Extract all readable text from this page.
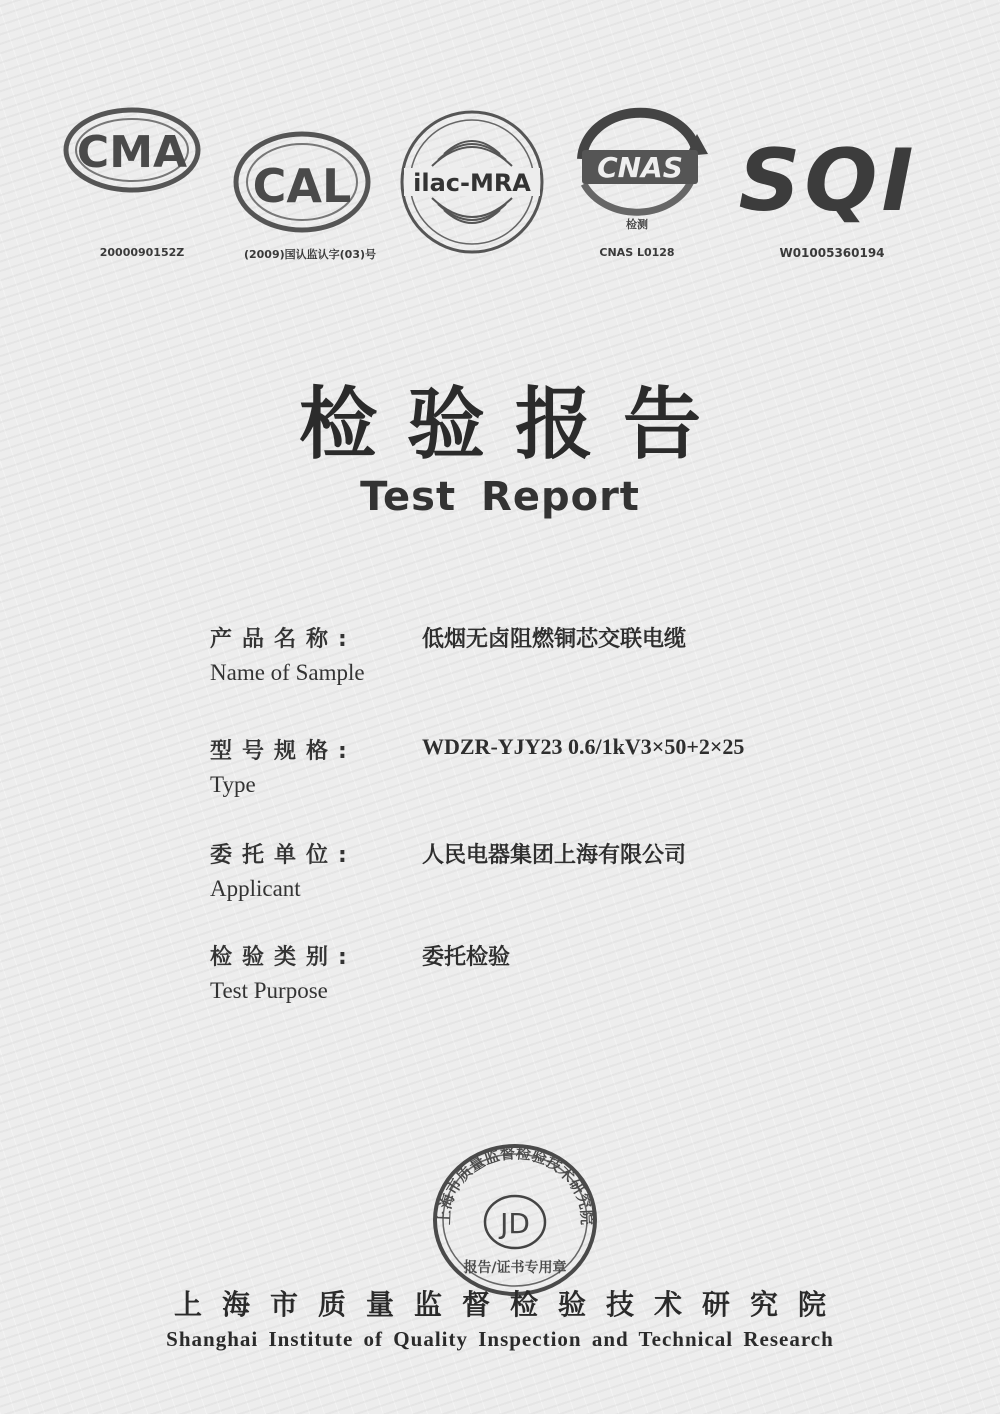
CMA
2000090152Z
CAL
(2009)国认监认字(03)号
ilac-MRA CNAS
检测
CNAS L0128
SQI
W01005360194
检验报告
Test Report
产品名称:
Name of Sample
低烟无卤阻燃铜芯交联电缆
型号规格:
Type
WDZR-YJY23 0.6/1kV3×50+2×25
委托单位:
Applicant
人民电器集团上海有限公司
检验类别:
Test Purpose
委托检验
上海市质量监督检验技术研究院
JD
报告/证书专用章
上海市质量监督检验技术研究院
Shanghai Institute of Quality Inspection and Technical Research
